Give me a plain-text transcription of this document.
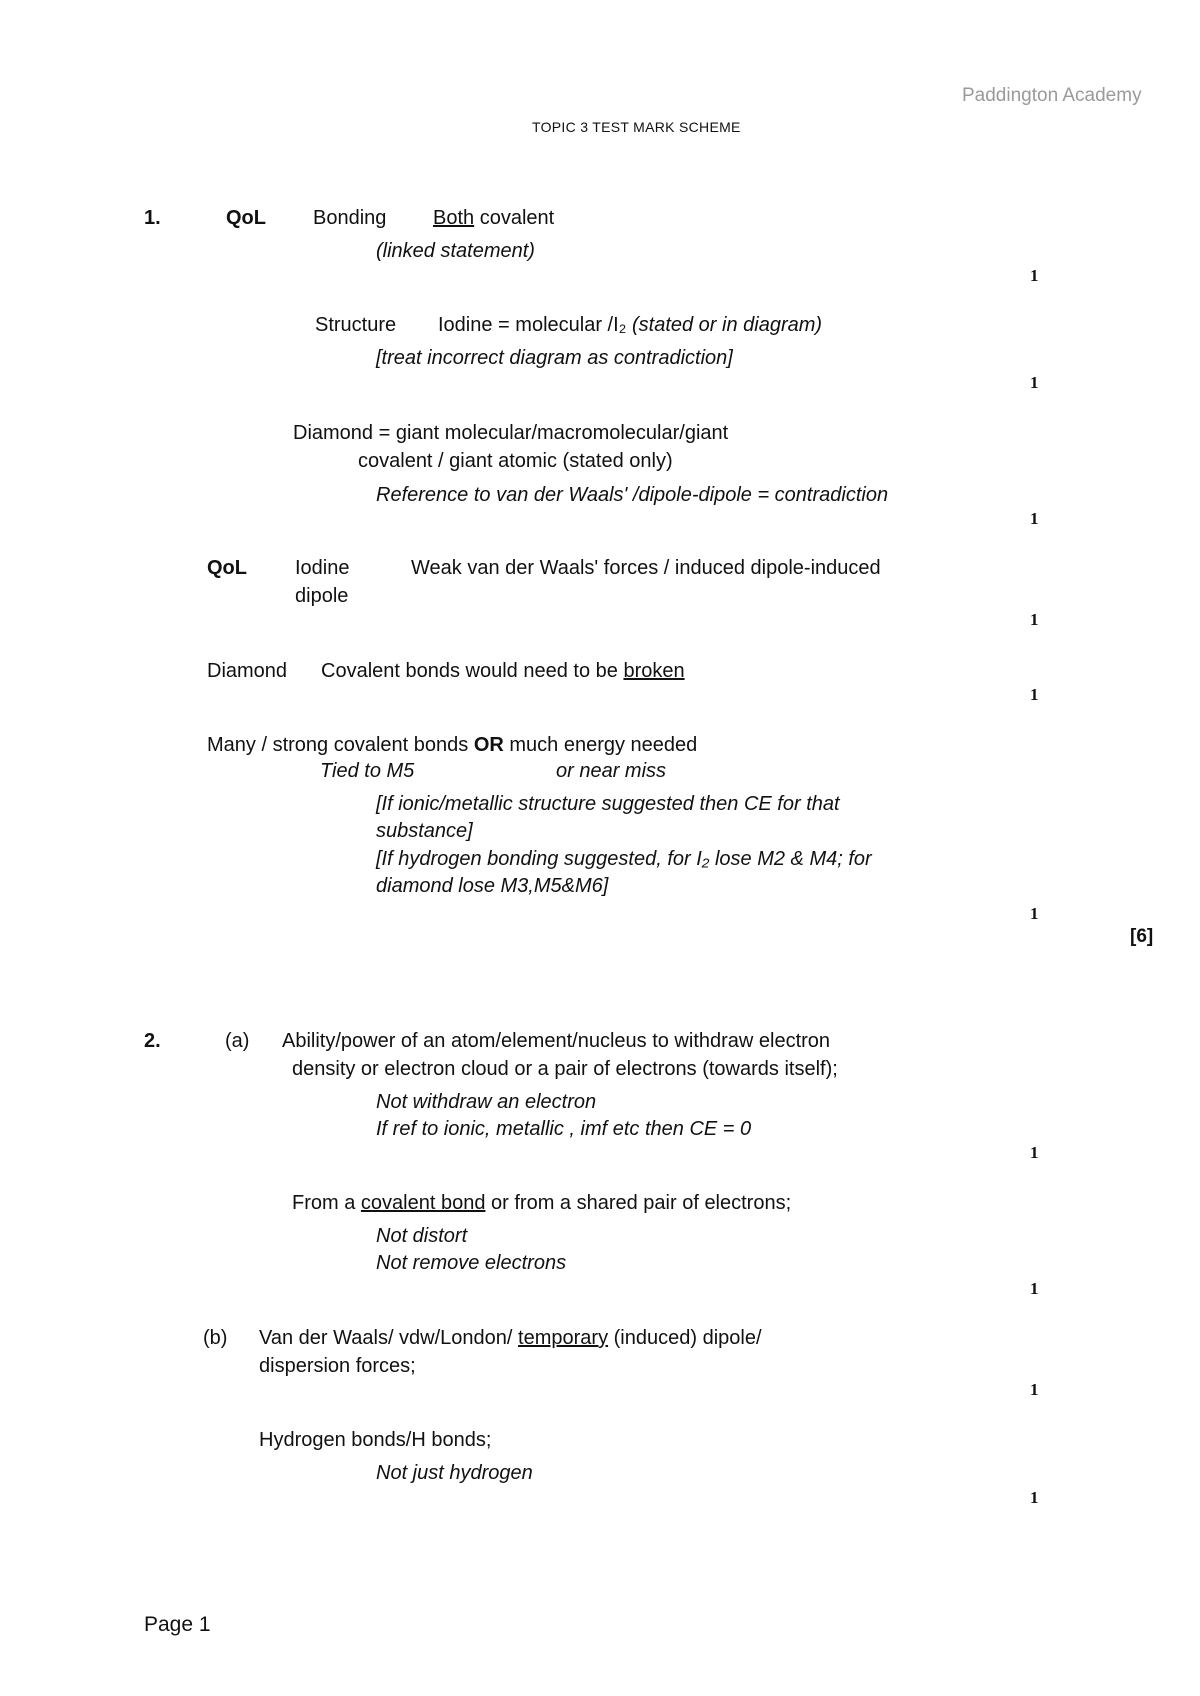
Paddington Academy
TOPIC 3 TEST MARK SCHEME
1.	QoL Bonding Both covalent
(linked statement)
1
Structure Iodine = molecular /I₂ (stated or in diagram)
[treat incorrect diagram as contradiction]
1
Diamond = giant molecular/macromolecular/giant
covalent / giant atomic (stated only)
Reference to van der Waals' /dipole-dipole = contradiction
1
QoL Iodine	Weak van der Waals' forces / induced dipole-induced
dipole
1
Diamond Covalent bonds would need to be broken
1
Many / strong covalent bonds OR much energy needed
Tied to M5	or near miss
[If ionic/metallic structure suggested then CE for that
substance]
[If hydrogen bonding suggested, for I₂ lose M2 & M4; for
diamond lose M3,M5&M6]
1
[6]
2.	(a) Ability/power of an atom/element/nucleus to withdraw electron
density or electron cloud or a pair of electrons (towards itself);
Not withdraw an electron
If ref to ionic, metallic , imf etc then CE = 0
1
From a covalent bond or from a shared pair of electrons;
Not distort
Not remove electrons
1
(b) Van der Waals/ vdw/London/ temporary (induced) dipole/
dispersion forces;
1
Hydrogen bonds/H bonds;
Not just hydrogen
1
Page 1
